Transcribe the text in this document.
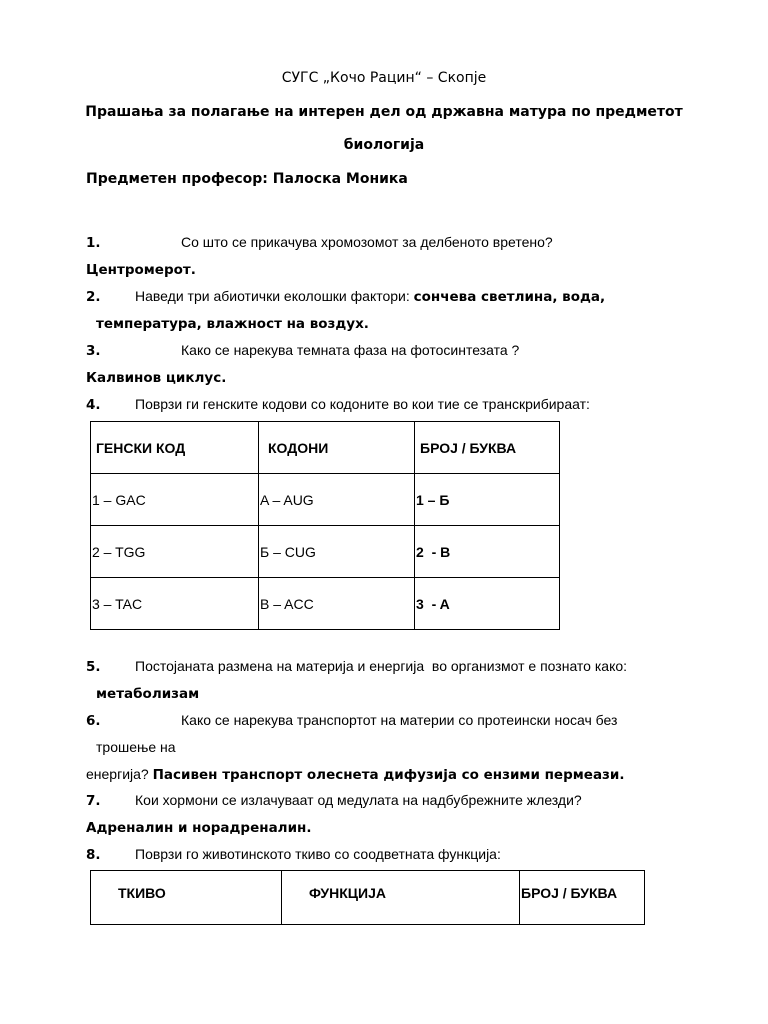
СУГС „Кочо Рацин“ – Скопје
Прашања за полагање на интерен дел од државна матура по предметот
биологија
Предметен професор: Палоска Моника
1.	Со што се прикачува хромозомот за делбеното вретено?
Центромерот.
2. Наведи три абиотички еколошки фактори: сончева светлина, вода,
температура, влажност на воздух.
3.	Како се нарекува темната фаза на фотосинтезата ?
Калвинов циклус.
4. Поврзи ги генските кодови со кодоните во кои тие се транскрибираат:
ГЕНСКИ КОД	КОДОНИ	БРОЈ / БУКВА
1 – GAC	A – AUG	1 – Б
2 – TGG	Б – CUG	2  - В
3 – TAC	B – ACC	3  - A
5. Постојаната размена на материја и енергија  во организмот е познато како:
метаболизам
6.	Како се нарекува транспортот на материи со протеински носач без
трошење на
енергија? Пасивен транспорт олеснета дифузија со ензими пермеази.
7. Кои хормони се излачуваат од медулата на надбубрежните жлезди?
Адреналин и норадреналин.
8. Поврзи го животинското ткиво со соодветната функција:
ТКИВО	ФУНКЦИЈА	БРОЈ / БУКВА
